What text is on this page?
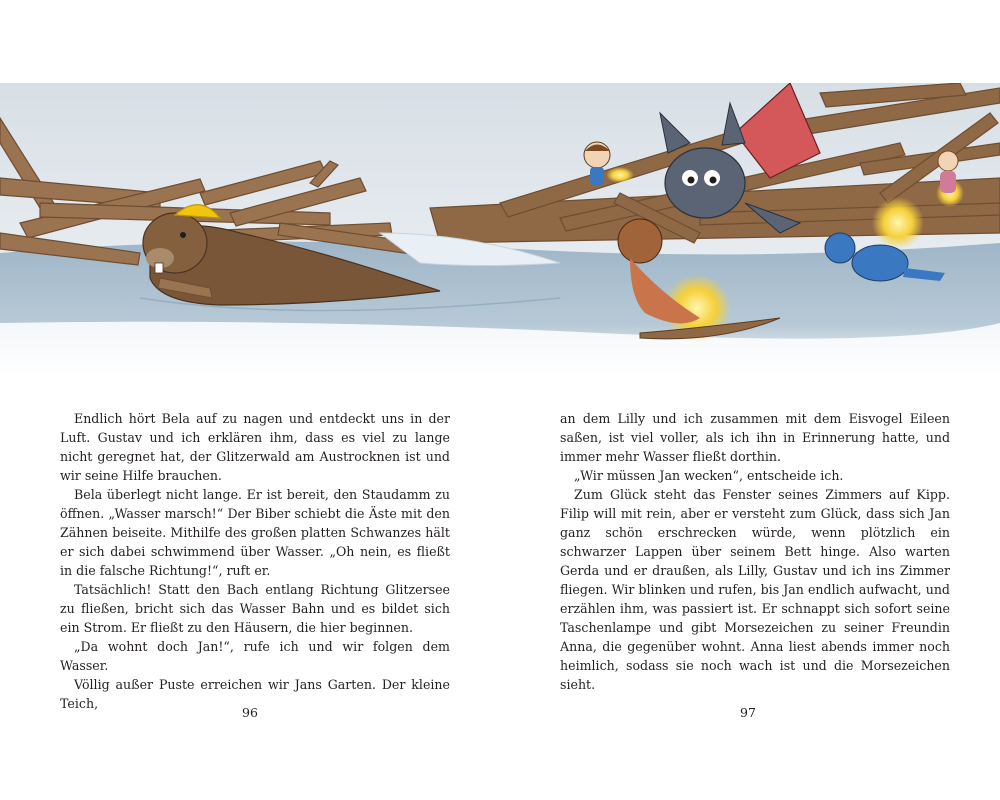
Endlich hört Bela auf zu nagen und entdeckt uns in der Luft. Gustav und ich erklären ihm, dass es viel zu lange nicht geregnet hat, der Glitzerwald am Austrocknen ist und wir seine Hilfe brauchen.

Bela überlegt nicht lange. Er ist bereit, den Staudamm zu öffnen. „Wasser marsch!“ Der Biber schiebt die Äste mit den Zähnen beiseite. Mithilfe des großen platten Schwanzes hält er sich dabei schwimmend über Wasser. „Oh nein, es fließt in die falsche Richtung!“, ruft er.

Tatsächlich! Statt den Bach entlang Richtung Glitzersee zu fließen, bricht sich das Wasser Bahn und es bildet sich ein Strom. Er fließt zu den Häusern, die hier beginnen.

„Da wohnt doch Jan!“, rufe ich und wir folgen dem Wasser.

Völlig außer Puste erreichen wir Jans Garten. Der kleine Teich,

an dem Lilly und ich zusammen mit dem Eisvogel Eileen saßen, ist viel voller, als ich ihn in Erinnerung hatte, und immer mehr Wasser fließt dorthin.

„Wir müssen Jan wecken“, entscheide ich.

Zum Glück steht das Fenster seines Zimmers auf Kipp. Filip will mit rein, aber er versteht zum Glück, dass sich Jan ganz schön erschrecken würde, wenn plötzlich ein schwarzer Lappen über seinem Bett hinge. Also warten Gerda und er draußen, als Lilly, Gustav und ich ins Zimmer fliegen. Wir blinken und rufen, bis Jan endlich aufwacht, und erzählen ihm, was passiert ist. Er schnappt sich sofort seine Taschenlampe und gibt Morsezeichen zu seiner Freundin Anna, die gegenüber wohnt. Anna liest abends immer noch heimlich, sodass sie noch wach ist und die Morsezeichen sieht.

96	97
